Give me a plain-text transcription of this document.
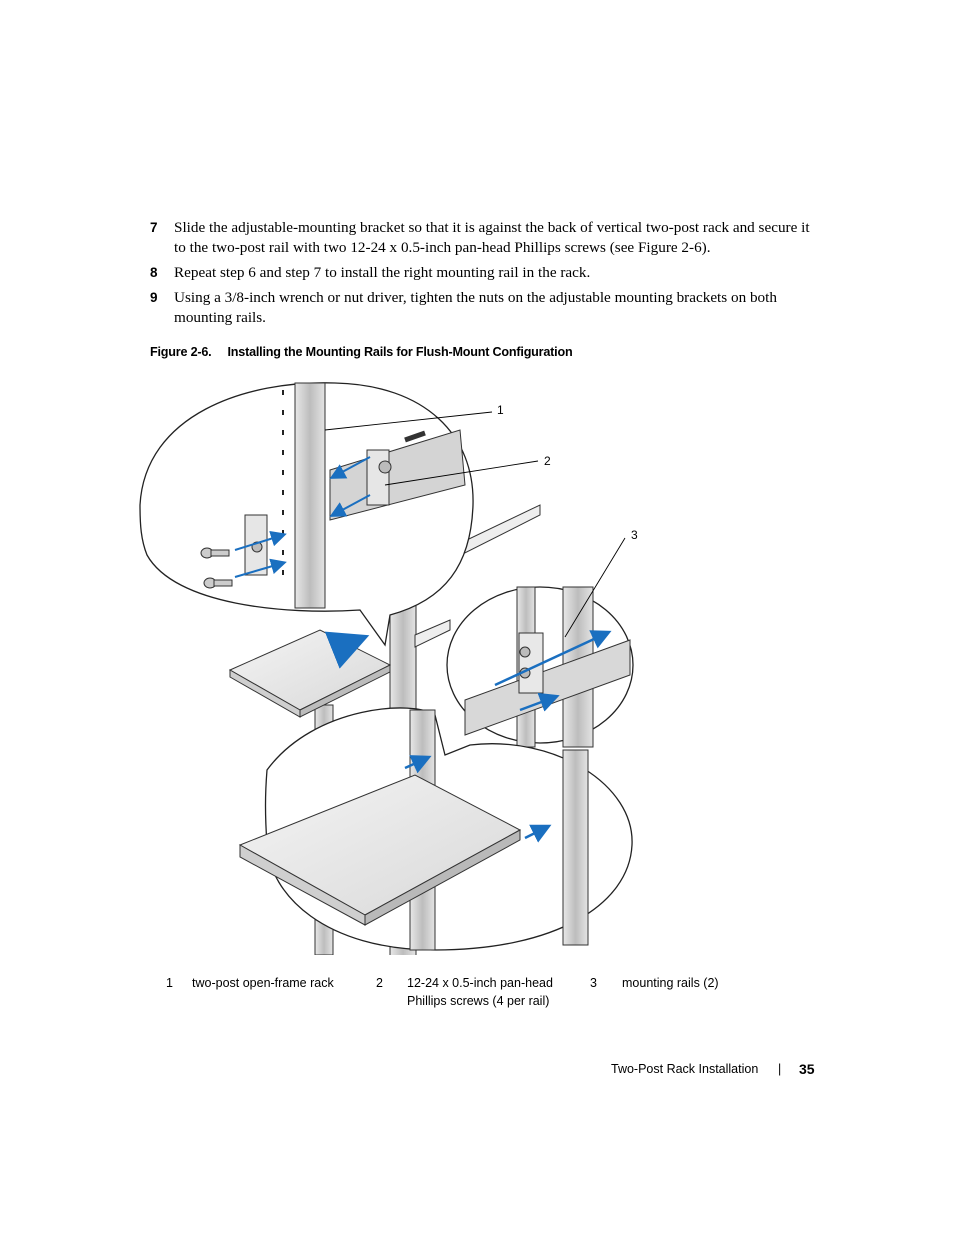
7 Slide the adjustable-mounting bracket so that it is against the back of vertical two-post rack and secure it to the two-post rail with two 12-24 x 0.5-inch pan-head Phillips screws (see Figure 2-6).
8 Repeat step 6 and step 7 to install the right mounting rail in the rack.
9 Using a 3/8-inch wrench or nut driver, tighten the nuts on the adjustable mounting brackets on both mounting rails.
Figure 2-6. Installing the Mounting Rails for Flush-Mount Configuration
1
2
3
1 two-post open-frame rack	2 12-24 x 0.5-inch pan-head
Phillips screws (4 per rail)
3 mounting rails (2)
Two-Post Rack Installation | 35
